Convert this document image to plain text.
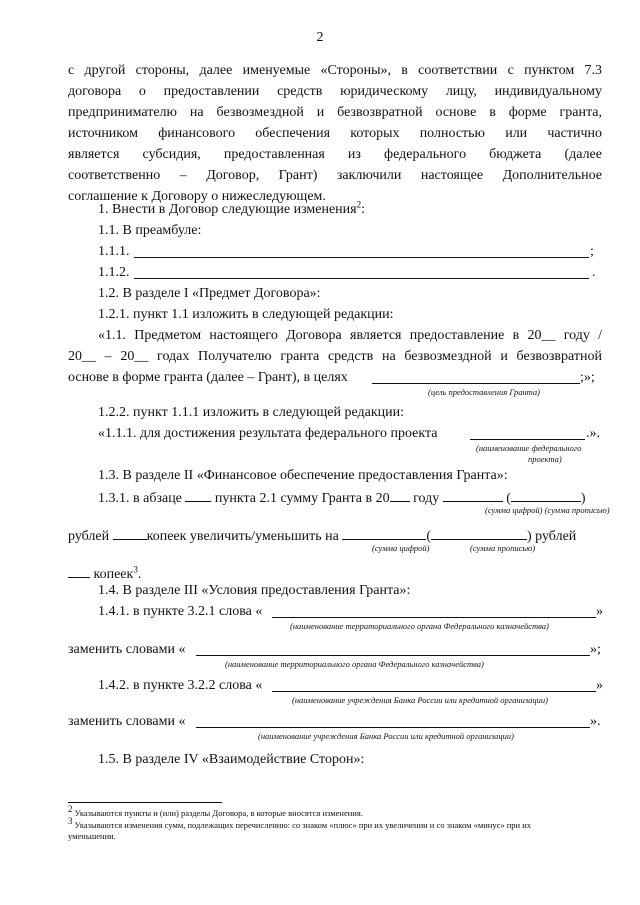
2
с другой стороны, далее именуемые «Стороны», в соответствии с пунктом 7.3
договора о предоставлении средств юридическому лицу, индивидуальному
предпринимателю на безвозмездной и безвозвратной основе в форме гранта,
источником финансового обеспечения которых полностью или частично
является субсидия, предоставленная из федерального бюджета (далее
соответственно – Договор, Грант) заключили настоящее Дополнительное
соглашение к Договору о нижеследующем.
1. Внести в Договор следующие изменения$^2$:
1.1. В преамбуле:
1.1.1.	;
1.1.2.	.
1.2. В разделе I «Предмет Договора»:
1.2.1. пункт 1.1 изложить в следующей редакции:
«1.1. Предметом настоящего Договора является предоставление в 20__ году /
20__ – 20__ годах Получателю гранта средств на безвозмездной и безвозвратной
основе в форме гранта (далее – Грант), в целях	;»;
(цель предоставления Гранта)
1.2.2. пункт 1.1.1 изложить в следующей редакции:
«1.1.1. для достижения результата федерального проекта	.».
(наименование федерального
проекта)
1.3. В разделе II «Финансовое обеспечение предоставления Гранта»:
1.3.1. в абзаце пункта 2.1 сумму Гранта в 20 году	(	)
(сумма цифрой) (сумма прописью)
рублей	копеек увеличить/уменьшить на	(	) рублей
(сумма цифрой)	(сумма прописью)
копеек$^3$.
1.4. В разделе III «Условия предоставления Гранта»:
1.4.1. в пункте 3.2.1 слова «	»
(наименование территориального органа Федерального казначейства)
заменить словами «	»;
(наименование территориального органа Федерального казначейства)
1.4.2. в пункте 3.2.2 слова «	»
(наименование учреждения Банка России или кредитной организации)
заменить словами «	».
(наименование учреждения Банка России или кредитной организации)
1.5. В разделе IV «Взаимодействие Сторон»:
$^2$ Указываются пункты и (или) разделы Договора, в которые вносятся изменения.
$^3$ Указываются изменения сумм, подлежащих перечислению: со знаком «плюс» при их увеличении и со знаком «минус» при их
уменьшении.
